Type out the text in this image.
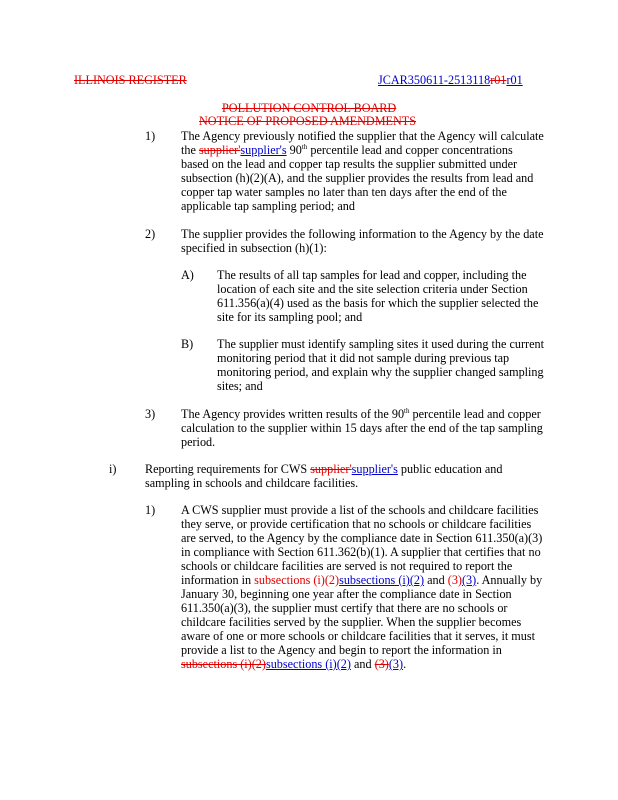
ILLINOIS REGISTER	JCAR350611-2513118r01r01
POLLUTION CONTROL BOARD
NOTICE OF PROPOSED AMENDMENTS
1) The Agency previously notified the supplier that the Agency will calculate
the supplier'supplier's 90th percentile lead and copper concentrations
based on the lead and copper tap results the supplier submitted under
subsection (h)(2)(A), and the supplier provides the results from lead and
copper tap water samples no later than ten days after the end of the
applicable tap sampling period; and
2) The supplier provides the following information to the Agency by the date
specified in subsection (h)(1):
A) The results of all tap samples for lead and copper, including the
location of each site and the site selection criteria under Section
611.356(a)(4) used as the basis for which the supplier selected the
site for its sampling pool; and
B) The supplier must identify sampling sites it used during the current
monitoring period that it did not sample during previous tap
monitoring period, and explain why the supplier changed sampling
sites; and
3) The Agency provides written results of the 90th percentile lead and copper
calculation to the supplier within 15 days after the end of the tap sampling
period.
i) Reporting requirements for CWS supplier'supplier's public education and
sampling in schools and childcare facilities.
1) A CWS supplier must provide a list of the schools and childcare facilities
they serve, or provide certification that no schools or childcare facilities
are served, to the Agency by the compliance date in Section 611.350(a)(3)
in compliance with Section 611.362(b)(1). A supplier that certifies that no
schools or childcare facilities are served is not required to report the
information in subsections (i)(2)subsections (i)(2) and (3)(3). Annually by
January 30, beginning one year after the compliance date in Section
611.350(a)(3), the supplier must certify that there are no schools or
childcare facilities served by the supplier. When the supplier becomes
aware of one or more schools or childcare facilities that it serves, it must
provide a list to the Agency and begin to report the information in
subsections (i)(2)subsections (i)(2) and (3)(3).
